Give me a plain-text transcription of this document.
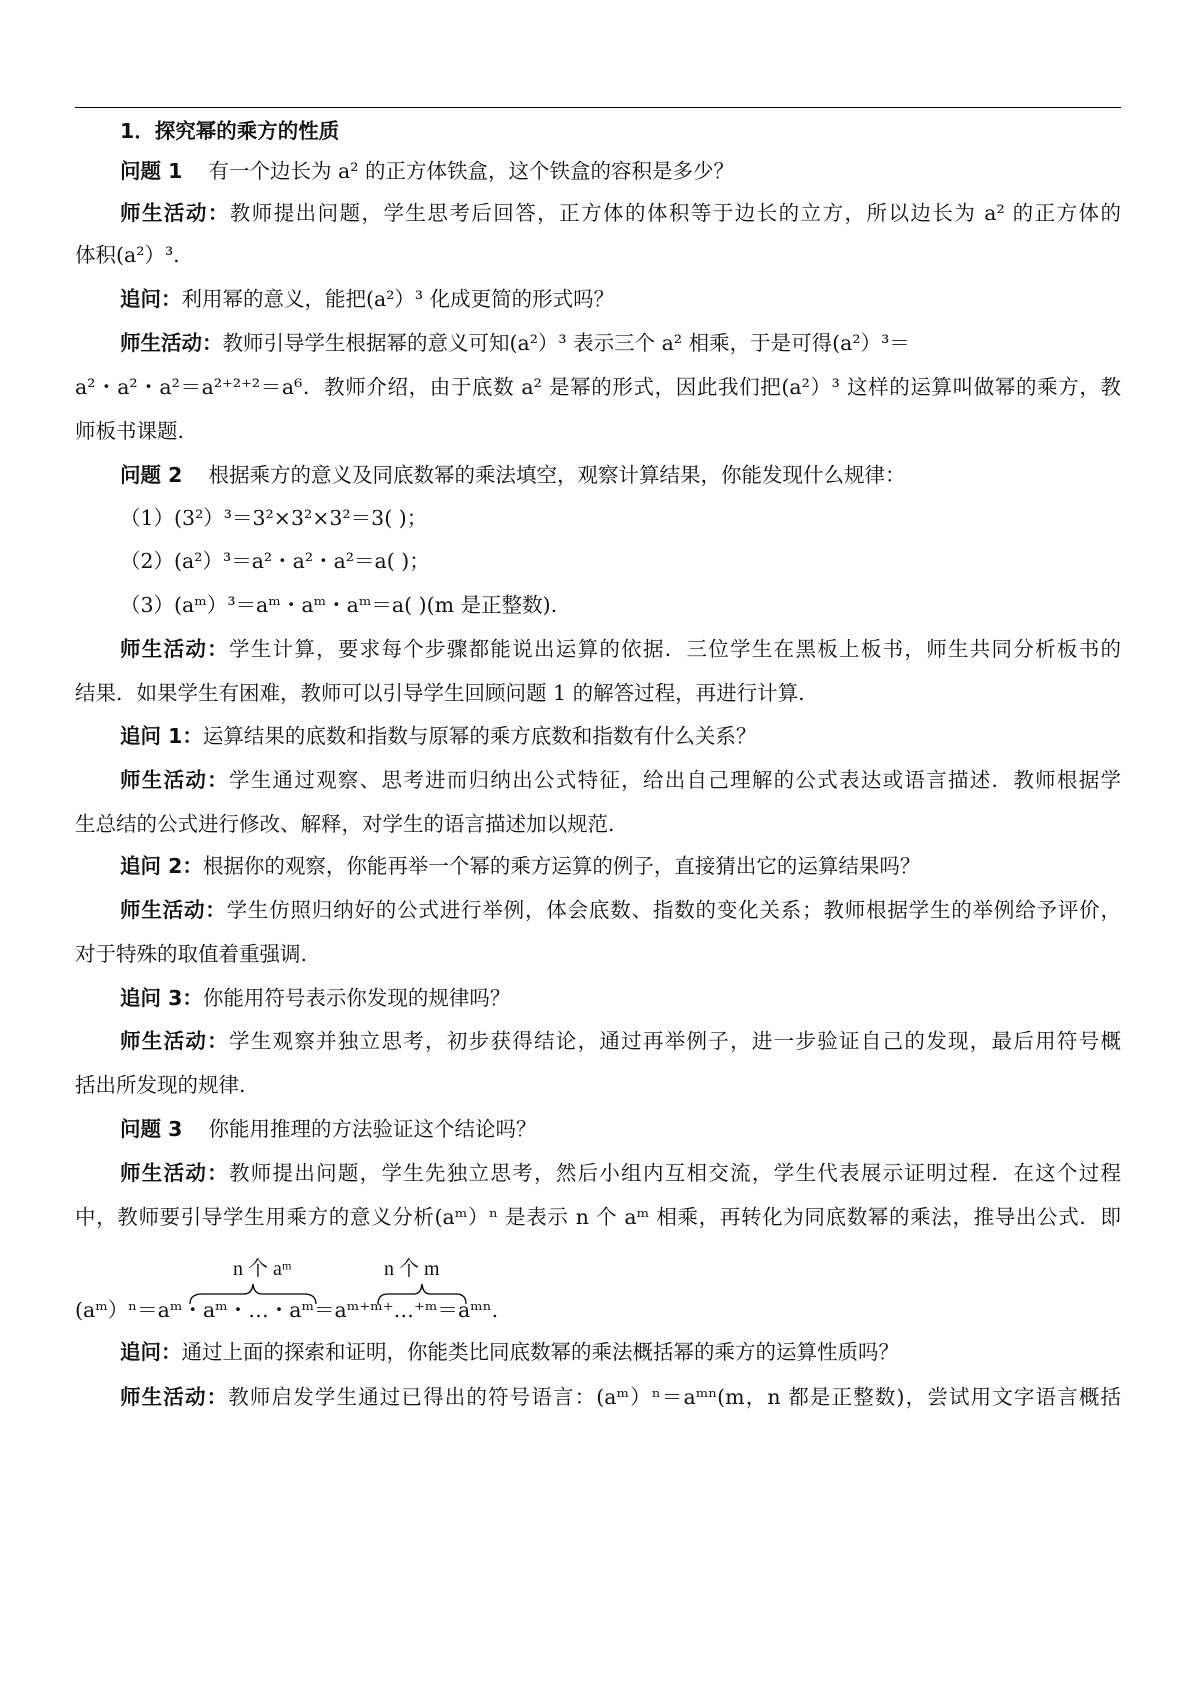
1．探究幂的乘方的性质
问题 1 有一个边长为 a² 的正方体铁盒，这个铁盒的容积是多少？
师生活动：教师提出问题，学生思考后回答，正方体的体积等于边长的立方，所以边长为 a² 的正方体的
体积(a²）³.
追问：利用幂的意义，能把(a²）³ 化成更简的形式吗？
师生活动：教师引导学生根据幂的意义可知(a²）³ 表示三个 a² 相乘，于是可得(a²）³＝
a²・a²・a²＝a²⁺²⁺²＝a⁶．教师介绍，由于底数 a² 是幂的形式，因此我们把(a²）³ 这样的运算叫做幂的乘方，教
师板书课题.
问题 2 根据乘方的意义及同底数幂的乘法填空，观察计算结果，你能发现什么规律：
（1）(3²）³＝3²×3²×3²＝3( )；
（2）(a²）³＝a²・a²・a²＝a( )；
（3）(aᵐ）³＝aᵐ・aᵐ・aᵐ＝a( )(m 是正整数).
师生活动：学生计算，要求每个步骤都能说出运算的依据．三位学生在黑板上板书，师生共同分析板书的
结果．如果学生有困难，教师可以引导学生回顾问题 1 的解答过程，再进行计算.
追问 1：运算结果的底数和指数与原幂的乘方底数和指数有什么关系？
师生活动：学生通过观察、思考进而归纳出公式特征，给出自己理解的公式表达或语言描述．教师根据学
生总结的公式进行修改、解释，对学生的语言描述加以规范.
追问 2：根据你的观察，你能再举一个幂的乘方运算的例子，直接猜出它的运算结果吗？
师生活动：学生仿照归纳好的公式进行举例，体会底数、指数的变化关系；教师根据学生的举例给予评价，
对于特殊的取值着重强调.
追问 3：你能用符号表示你发现的规律吗？
师生活动：学生观察并独立思考，初步获得结论，通过再举例子，进一步验证自己的发现，最后用符号概
括出所发现的规律.
问题 3 你能用推理的方法验证这个结论吗？
师生活动：教师提出问题，学生先独立思考，然后小组内互相交流，学生代表展示证明过程．在这个过程
中，教师要引导学生用乘方的意义分析(aᵐ）ⁿ 是表示 n 个 aᵐ 相乘，再转化为同底数幂的乘法，推导出公式．即
n 个 aᵐ	n 个 m
(aᵐ）ⁿ＝aᵐ・aᵐ・…・aᵐ＝aᵐ⁺ᵐ⁺…⁺ᵐ＝aᵐⁿ.
追问：通过上面的探索和证明，你能类比同底数幂的乘法概括幂的乘方的运算性质吗？
师生活动：教师启发学生通过已得出的符号语言：(aᵐ）ⁿ＝aᵐⁿ(m，n 都是正整数)，尝试用文字语言概括
